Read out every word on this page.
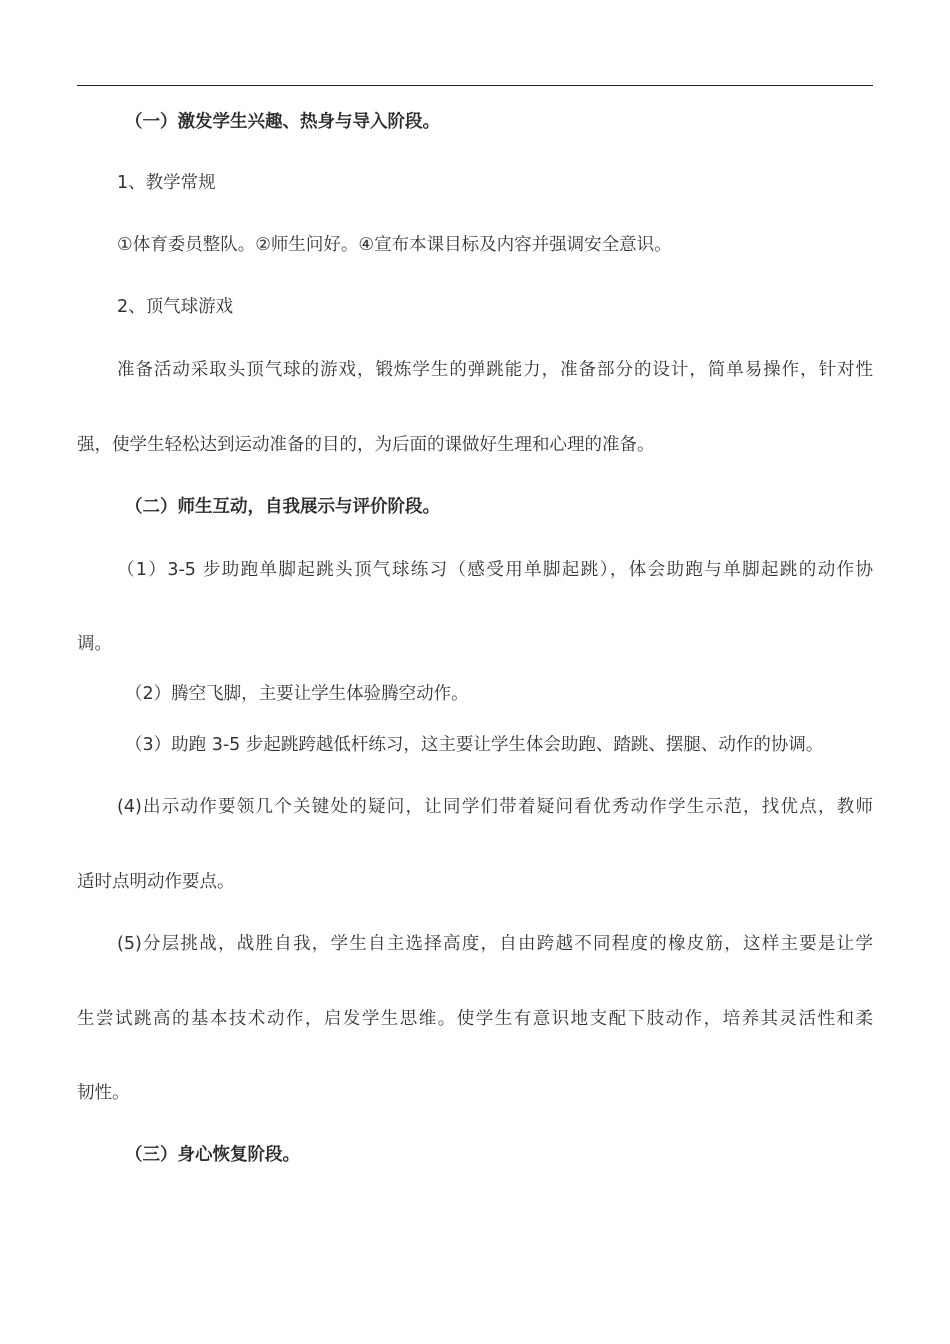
（一）激发学生兴趣、热身与导入阶段。
1、教学常规
①体育委员整队。②师生问好。④宣布本课目标及内容并强调安全意识。
2、顶气球游戏
准备活动采取头顶气球的游戏，锻炼学生的弹跳能力，准备部分的设计，简单易操作，针对性
强，使学生轻松达到运动准备的目的，为后面的课做好生理和心理的准备。
（二）师生互动，自我展示与评价阶段。
（1）3-5 步助跑单脚起跳头顶气球练习（感受用单脚起跳），体会助跑与单脚起跳的动作协
调。
（2）腾空飞脚，主要让学生体验腾空动作。
（3）助跑 3-5 步起跳跨越低杆练习，这主要让学生体会助跑、踏跳、摆腿、动作的协调。
(4)出示动作要领几个关键处的疑问，让同学们带着疑问看优秀动作学生示范，找优点，教师
适时点明动作要点。
(5)分层挑战，战胜自我，学生自主选择高度，自由跨越不同程度的橡皮筋，这样主要是让学
生尝试跳高的基本技术动作，启发学生思维。使学生有意识地支配下肢动作，培养其灵活性和柔
韧性。
（三）身心恢复阶段。
